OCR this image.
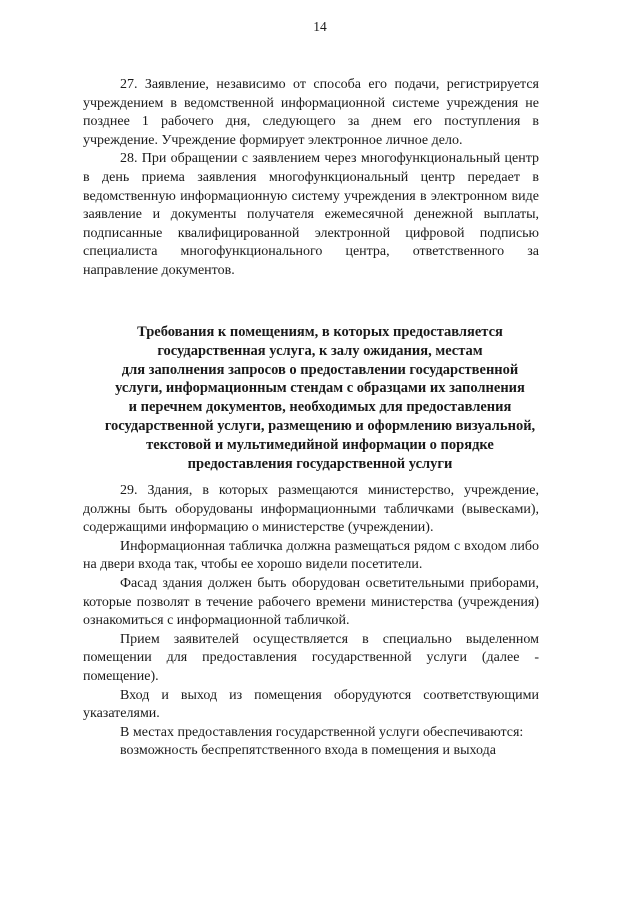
14

27. Заявление, независимо от способа его подачи, регистрируется учреждением в ведомственной информационной системе учреждения не позднее 1 рабочего дня, следующего за днем его поступления в учреждение. Учреждение формирует электронное личное дело.

28. При обращении с заявлением через многофункциональный центр в день приема заявления многофункциональный центр передает в ведомственную информационную систему учреждения в электронном виде заявление и документы получателя ежемесячной денежной выплаты, подписанные квалифицированной электронной цифровой подписью специалиста многофункционального центра, ответственного за направление документов.

Требования к помещениям, в которых предоставляется
государственная услуга, к залу ожидания, местам
для заполнения запросов о предоставлении государственной
услуги, информационным стендам с образцами их заполнения
и перечнем документов, необходимых для предоставления
государственной услуги, размещению и оформлению визуальной,
текстовой и мультимедийной информации о порядке
предоставления государственной услуги

29. Здания, в которых размещаются министерство, учреждение, должны быть оборудованы информационными табличками (вывесками), содержащими информацию о министерстве (учреждении).

Информационная табличка должна размещаться рядом с входом либо на двери входа так, чтобы ее хорошо видели посетители.

Фасад здания должен быть оборудован осветительными приборами, которые позволят в течение рабочего времени министерства (учреждения) ознакомиться с информационной табличкой.

Прием заявителей осуществляется в специально выделенном помещении для предоставления государственной услуги (далее - помещение).

Вход и выход из помещения оборудуются соответствующими указателями.

В местах предоставления государственной услуги обеспечиваются:

возможность беспрепятственного входа в помещения и выхода
